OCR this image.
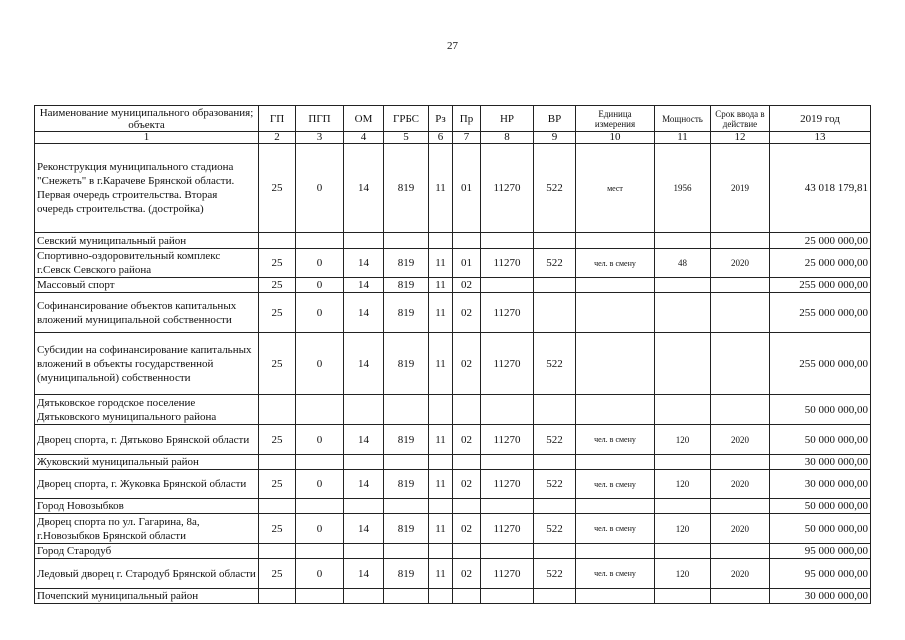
27
Наименование муниципального образования; объекта	ГП	ПГП	ОМ	ГРБС	Рз	Пр	НР	ВР	Единица измерения	Мощность	Срок ввода в действие	2019 год
1	2	3	4	5	6	7	8	9	10	11	12	13
Реконструкция муниципального стадиона "Снежеть" в г.Карачеве Брянской области. Первая очередь строительства. Вторая очередь строительства. (достройка)	25	0	14	819	11	01	11270	522	мест	1956	2019	43 018 179,81
Севский муниципальный район												25 000 000,00
Спортивно-оздоровительный комплекс г.Севск Севского района	25	0	14	819	11	01	11270	522	чел. в смену	48	2020	25 000 000,00
Массовый спорт	25	0	14	819	11	02						255 000 000,00
Софинансирование объектов капитальных вложений муниципальной собственности	25	0	14	819	11	02	11270					255 000 000,00
Субсидии на софинансирование капитальных вложений в объекты государственной (муниципальной) собственности	25	0	14	819	11	02	11270	522				255 000 000,00
Дятьковское городское поселение Дятьковского муниципального района												50 000 000,00
Дворец спорта, г. Дятьково Брянской области	25	0	14	819	11	02	11270	522	чел. в смену	120	2020	50 000 000,00
Жуковский муниципальный район												30 000 000,00
Дворец спорта, г. Жуковка Брянской области	25	0	14	819	11	02	11270	522	чел. в смену	120	2020	30 000 000,00
Город Новозыбков												50 000 000,00
Дворец спорта по ул. Гагарина, 8а, г.Новозыбков Брянской области	25	0	14	819	11	02	11270	522	чел. в смену	120	2020	50 000 000,00
Город Стародуб												95 000 000,00
Ледовый дворец г. Стародуб Брянской области	25	0	14	819	11	02	11270	522	чел. в смену	120	2020	95 000 000,00
Почепский муниципальный район												30 000 000,00
